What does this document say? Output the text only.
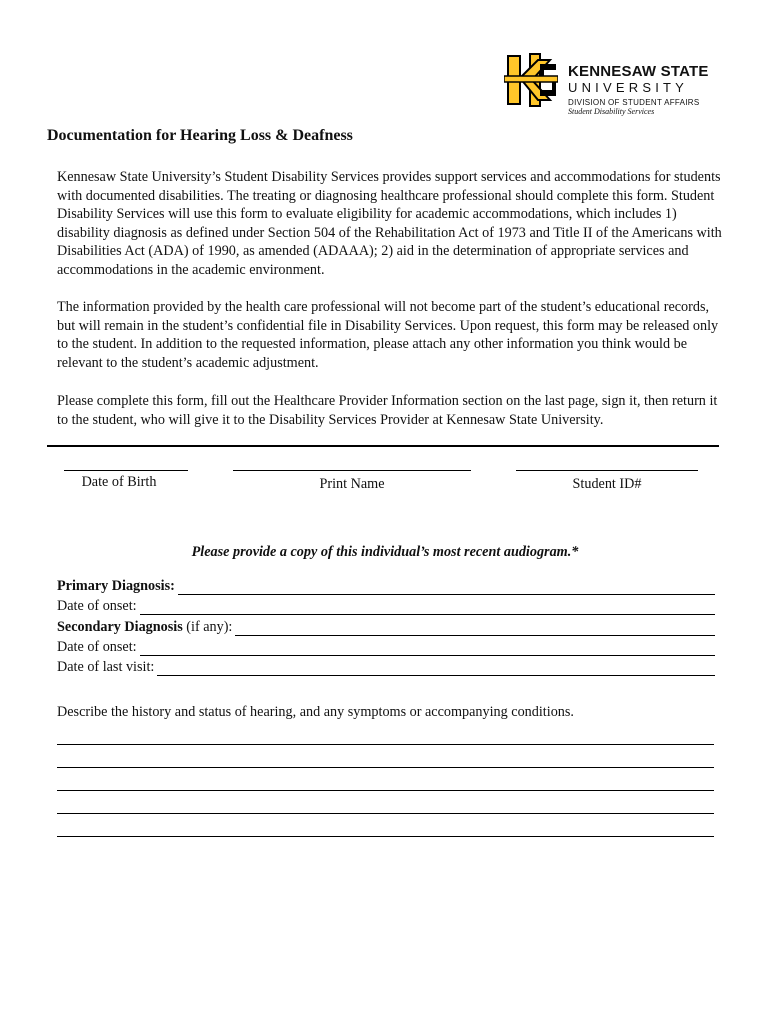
KENNESAW STATE
UNIVERSITY
DIVISION OF STUDENT AFFAIRS
Student Disability Services
Documentation for Hearing Loss & Deafness
Kennesaw State University’s Student Disability Services provides support services and accommodations for students with documented disabilities. The treating or diagnosing healthcare professional should complete this form. Student Disability Services will use this form to evaluate eligibility for academic accommodations, which includes 1) disability diagnosis as defined under Section 504 of the Rehabilitation Act of 1973 and Title II of the Americans with Disabilities Act (ADA) of 1990, as amended (ADAAA); 2) aid in the determination of appropriate services and accommodations in the academic environment.
The information provided by the health care professional will not become part of the student’s educational records, but will remain in the student’s confidential file in Disability Services. Upon request, this form may be released only to the student. In addition to the requested information, please attach any other information you think would be relevant to the student’s academic adjustment.
Please complete this form, fill out the Healthcare Provider Information section on the last page, sign it, then return it to the student, who will give it to the Disability Services Provider at Kennesaw State University.
Date of Birth	Print Name	Student ID#
Please provide a copy of this individual’s most recent audiogram.*
Primary Diagnosis:
Date of onset:
Secondary Diagnosis (if any):
Date of onset:
Date of last visit:
Describe the history and status of hearing, and any symptoms or accompanying conditions.
